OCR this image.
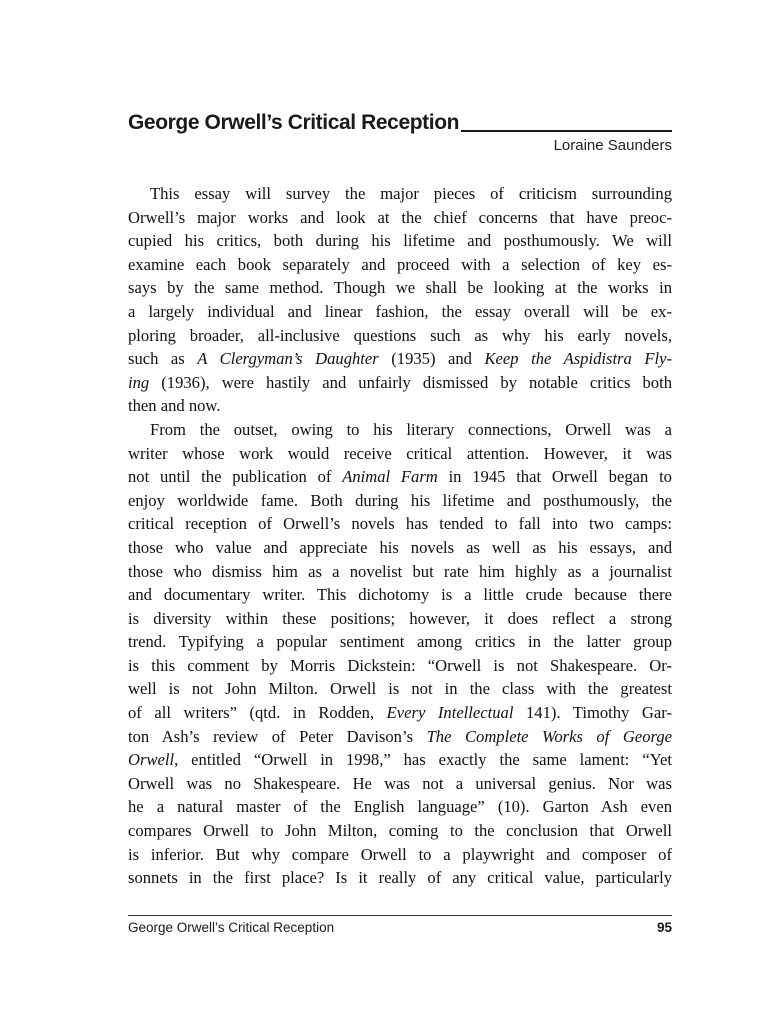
George Orwell’s Critical Reception
Loraine Saunders
This essay will survey the major pieces of criticism surrounding
Orwell’s major works and look at the chief concerns that have preoc-
cupied his critics, both during his lifetime and posthumously. We will
examine each book separately and proceed with a selection of key es-
says by the same method. Though we shall be looking at the works in
a largely individual and linear fashion, the essay overall will be ex-
ploring broader, all-inclusive questions such as why his early novels,
such as A Clergyman’s Daughter (1935) and Keep the Aspidistra Fly-
ing (1936), were hastily and unfairly dismissed by notable critics both
then and now.
From the outset, owing to his literary connections, Orwell was a
writer whose work would receive critical attention. However, it was
not until the publication of Animal Farm in 1945 that Orwell began to
enjoy worldwide fame. Both during his lifetime and posthumously, the
critical reception of Orwell’s novels has tended to fall into two camps:
those who value and appreciate his novels as well as his essays, and
those who dismiss him as a novelist but rate him highly as a journalist
and documentary writer. This dichotomy is a little crude because there
is diversity within these positions; however, it does reflect a strong
trend. Typifying a popular sentiment among critics in the latter group
is this comment by Morris Dickstein: “Orwell is not Shakespeare. Or-
well is not John Milton. Orwell is not in the class with the greatest
of all writers” (qtd. in Rodden, Every Intellectual 141). Timothy Gar-
ton Ash’s review of Peter Davison’s The Complete Works of George
Orwell, entitled “Orwell in 1998,” has exactly the same lament: “Yet
Orwell was no Shakespeare. He was not a universal genius. Nor was
he a natural master of the English language” (10). Garton Ash even
compares Orwell to John Milton, coming to the conclusion that Orwell
is inferior. But why compare Orwell to a playwright and composer of
sonnets in the first place? Is it really of any critical value, particularly
George Orwell’s Critical Reception	95
